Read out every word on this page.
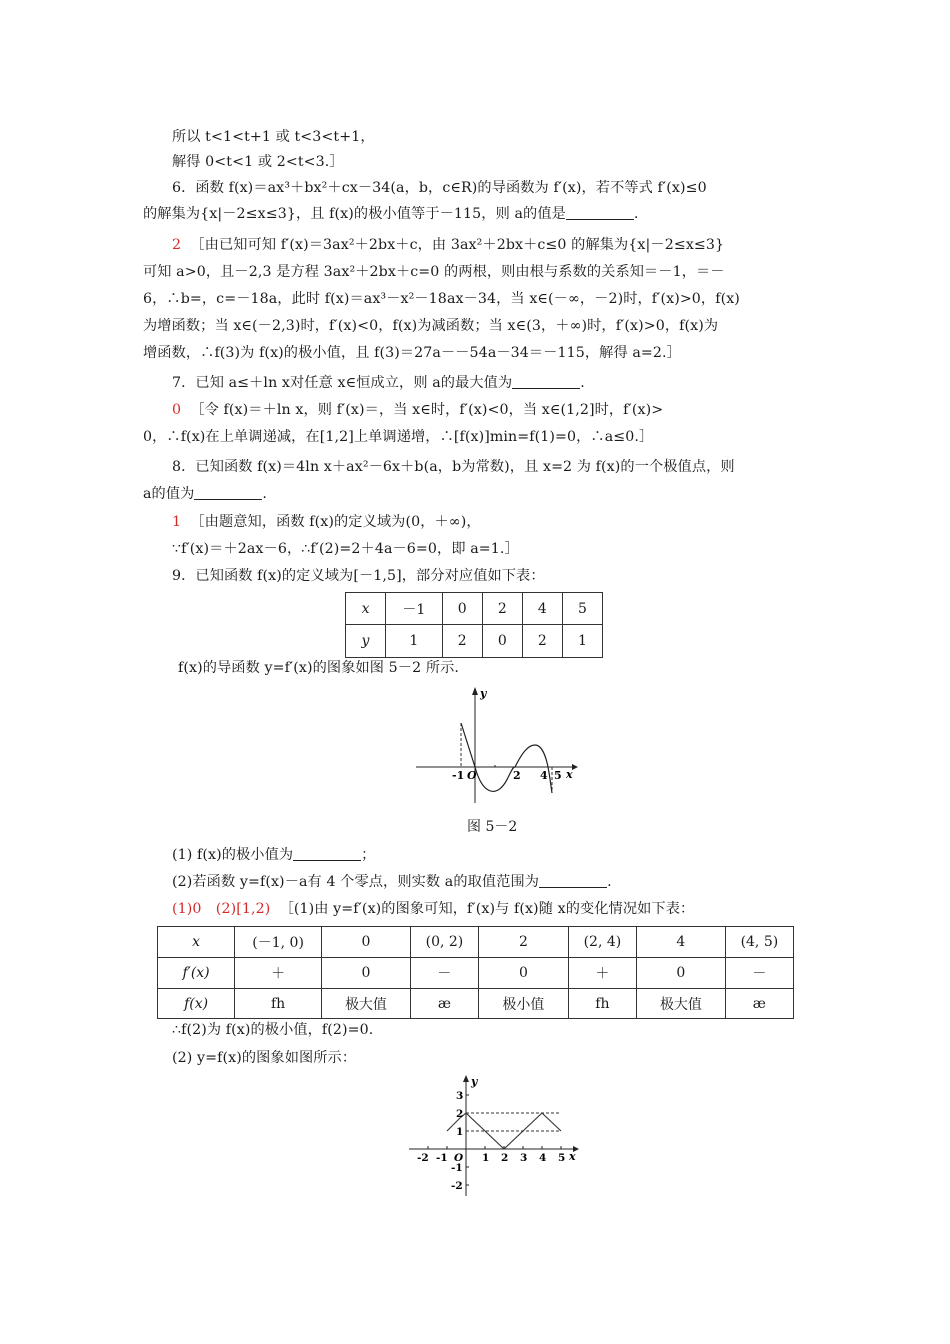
所以 t<1<t+1 或 t<3<t+1，
解得 0<t<1 或 2<t<3.］
6．函数 f(x)＝ax³＋bx²＋cx－34(a，b，c∈R)的导函数为 f′(x)，若不等式 f′(x)≤0
的解集为{x|－2≤x≤3}，且 f(x)的极小值等于－115，则 a的值是	.
2 ［由已知可知 f′(x)＝3ax²＋2bx＋c，由 3ax²＋2bx＋c≤0 的解集为{x|－2≤x≤3}
可知 a>0，且－2,3 是方程 3ax²＋2bx＋c=0 的两根，则由根与系数的关系知＝－1，＝－
6，∴b=，c=－18a，此时 f(x)＝ax³－x²－18ax－34，当 x∈(－∞，－2)时，f′(x)>0，f(x)
为增函数；当 x∈(－2,3)时，f′(x)<0，f(x)为减函数；当 x∈(3，＋∞)时，f′(x)>0，f(x)为
增函数，∴f(3)为 f(x)的极小值，且 f(3)＝27a－－54a－34＝－115，解得 a=2.］
7．已知 a≤＋ln x对任意 x∈恒成立，则 a的最大值为	.
0 ［令 f(x)＝＋ln x，则 f′(x)＝，当 x∈时，f′(x)<0，当 x∈(1,2]时，f′(x)>
0，∴f(x)在上单调递减，在[1,2]上单调递增，∴[f(x)]min=f(1)=0，∴a≤0.］
8．已知函数 f(x)＝4ln x＋ax²－6x＋b(a，b为常数)，且 x=2 为 f(x)的一个极值点，则
a的值为	.
1 ［由题意知，函数 f(x)的定义域为(0，＋∞)，
∵f′(x)＝＋2ax－6，∴f′(2)=2＋4a－6=0，即 a=1.］
9．已知函数 f(x)的定义域为[－1,5]，部分对应值如下表：
x	－1	0	2	4	5
y	1	2	0	2	1
f(x)的导函数 y=f′(x)的图象如图 5－2 所示.
y
x
-1 O	2 4 5
图 5－2
(1) f(x)的极小值为	；
(2)若函数 y=f(x)－a有 4 个零点，则实数 a的取值范围为	.
(1)0　(2)[1,2) ［(1)由 y=f′(x)的图象可知，f′(x)与 f(x)随 x的变化情况如下表：
x	(－1, 0)	0	(0, 2)	2	(2, 4)	4	(4, 5)
f′(x)	＋	0	－	0	＋	0	－
f(x)	fh	极大值	æ	极小值	fh	极大值	æ
∴f(2)为 f(x)的极小值，f(2)=0.
(2) y=f(x)的图象如图所示：
y
x
-2 -1 O 1 2 3 4 5
3
2
1
-1
-2
